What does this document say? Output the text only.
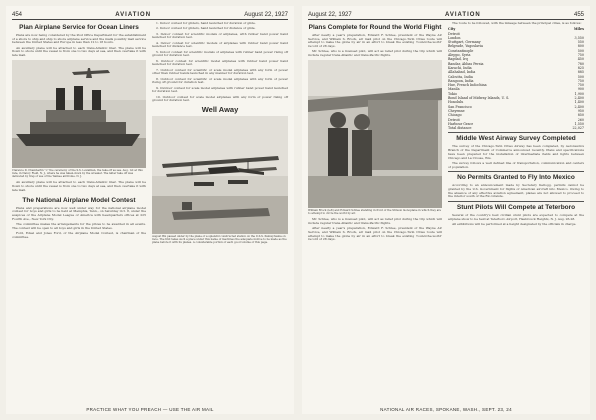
454	AVIATION	August 22, 1927
Plan Airplane Service for Ocean Liners

Plans are now being considered by the Post Office Department for the establishment of a shore to ship and ship to shore airplane service and the mails possibly mail service between the United States and Europe in less than 12 to 18 hours.

An auxiliary plane will be attached to each trans-Atlantic liner. The plane will be flown to shore until the vessel is from one to two days at sea, and then overtake it with late mail.

Clarence D. Chamberlin "o" the ceremony of the S.S. Leviathan, the take-off as sea. Aug. 1st at this rate, in Nancy Field, N. J., where he was taken-down by the wreaker. The latter take off was delivered by trap of use of the Yankee airdrome. N. J.

An auxiliary plane will be attached to each trans-Atlantic liner. The plane will be flown to shore until the vessel is from one to two days at sea, and then overtake it with late mail.

The National Airplane Model Contest

Plans and preparations are now well under way for the national airplane model contest for boys and girls to be held at Memphis, Tenn., on Saturday Oct. 8, under the auspices of the Airplane Model League of America with headquarters offices at 225 Fourth Ave., New York City.

The committee makes the arrangements for the prizes to be awarded in all events. The contest will be open to all boys and girls in the United States.

Ford, Edsel and Jones Ford, of the Airplane Model Contest, is chairman of the committee.

1. Indoor contest for gliders, hand launched for duration of glide.

2. Indoor contest for gliders, hand launched for distance of glide.

3. Indoor contest for scientific models of airplanes, with rubber band power hand launched for duration test.

4. Indoor contest for scientific models of airplanes with rubber band power hand launched for distance test.

5. Indoor contest for scientific models of airplanes with rubber band power rising off ground for duration test.

6. Outdoor contest for scientific model airplanes with rubber band power hand launched for duration test.

7. Outdoor contest for scientific or scale model airplanes with any form of power other than rubber bands launched in any manner for duration test.

8. Outdoor contest for scientific or scale model airplanes with any form of power rising off ground for duration test.

9. Outdoor contest for scale model airplanes with rubber band power hand launched for duration test.

10. Outdoor contest for scale model airplanes with any form of power rising off ground for duration test.

Well Away
August Bix passed under by the plane of a splendid constructed station on the U.S.S. Pennsylvania on race. The first takes such a place under this name of machines the adequate motive to be made as the plane before it with its planes. A considerable portion of each good volume of this page.
PRACTICE WHAT YOU PREACH — USE THE AIR MAIL
August 22, 1927	AVIATION	455
Plans Complete for Round the World Flight

After nearly a year's preparation, Edward F. Schlee, president of the Wayne Air Service, and William S. Brock, air mail pilot on the Chicago-Twin Cities route will attempt to make the globe by air in an effort to break the existing 'round-the-world' record of 28 days.

Mr. Schlee, who is a licensed pilot, will act as relief pilot during the trip which will include regular trans-Atlantic and trans-Pacific flights.

William Brock (left) and Edward Schlee standing in front of the Stinson monoplane in which they are to attempt to circle the world by air.

Mr. Schlee, who is a licensed pilot, will act as relief pilot during the trip which will include regular trans-Atlantic and trans-Pacific flights.

After nearly a year's preparation, Edward F. Schlee, president of the Wayne Air Service, and William S. Brock, air mail pilot on the Chicago-Twin Cities route will attempt to make the globe by air in an effort to break the existing 'round-the-world' record of 28 days.

The route to be followed, with the mileage between the principal cities, is as follows:

City	Miles
Detroit	
London	3,550
Stuttgart, Germany	550
Belgrade, Yugoslavia	800
Constantinople	500
Aleppo, Syria	750
Bagdad, Irq	450
Bandar, Abbas Persia	780
Karachi, India	825
Allahabad, India	885
Calcutta, India	500
Rangoon, India	750
Hue, French Indochina	750
Manila	900
Tokio	1,900
Bond Island of Midway Islands, U. S.	2,400
Honolulu	1,400
San Francisco	2,400
Cheyenne	950
Chicago	850
Detroit	260
Harbour Grace	1,550
Total distance	22,027
Middle West Airway Survey Completed

The survey of the Chicago-Twin Cities Airway has been completed, by Aeronautics Branch of the Department of Commerce announced recently. Plans and specifications have been prepared for the installation of intermediate fields and lights between Chicago and La Crosse, Wis.

The survey follows a well defined line of transportation, communication and centers of population.

No Permits Granted to Fly Into Mexico

According to an announcement made by Secretary Kellogg, permits cannot be granted by the U.S. Government for flights of American aircraft into Mexico. Owing to the absence of any effective aviation agreement, planes are not allowed to proceed to the interior south of the Rio Grande.

Stunt Pilots Will Compete at Teterboro

Several of the country's best civilian stunt pilots are expected to compete at the airplane show to be held at Teterboro Airport, Hasbrouck Heights, N. J. Aug. 26-28.

All exhibitions will be performed at a height designated by the officials in charge.

NATIONAL AIR RACES, SPOKANE, WASH., SEPT. 23, 24
